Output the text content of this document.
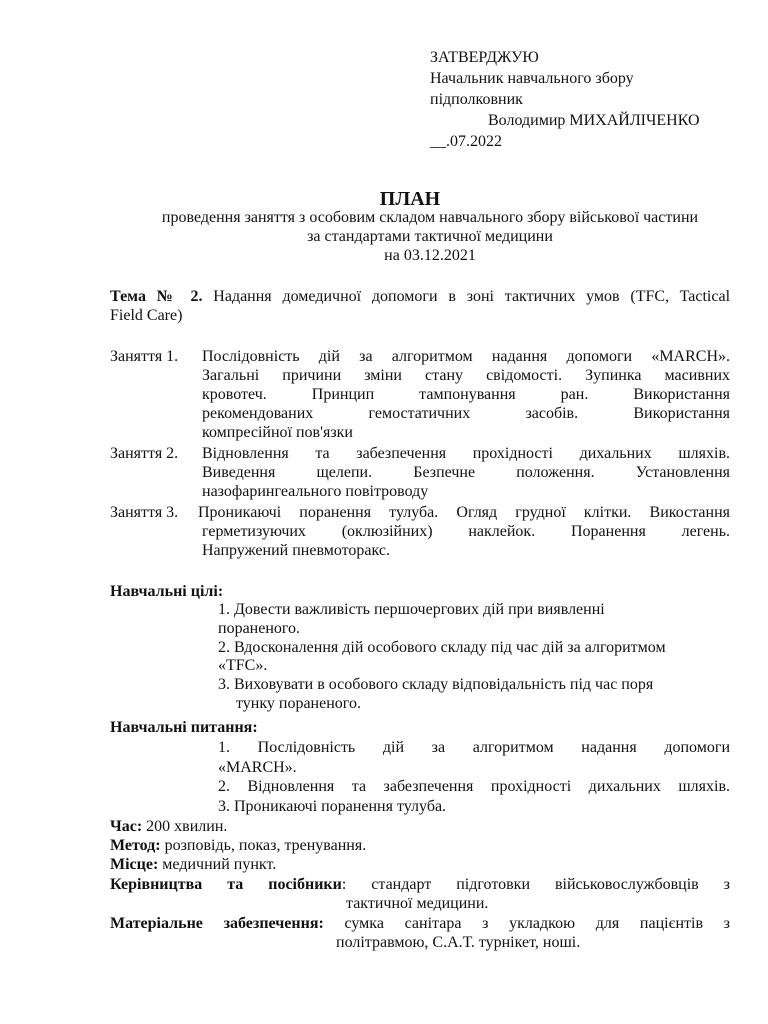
ЗАТВЕРДЖУЮ
Начальник навчального збору
підполковник
Володимир МИХАЙЛІЧЕНКО
__.07.2022
ПЛАН
проведення заняття з особовим складом навчального збору військової частини
за стандартами тактичної медицини
на 03.12.2021
Тема № 2. Надання домедичної допомоги в зоні тактичних умов (TFC, Tactical
Field Care)
Заняття 1.	Послідовність дій за алгоритмом надання допомоги «MARCH».
Загальні причини зміни стану свідомості. Зупинка масивних
кровотеч. Принцип тампонування ран. Використання
рекомендованих гемостатичних засобів. Використання
компресійної пов'язки
Заняття 2.	Відновлення та забезпечення прохідності дихальних шляхів.
Виведення щелепи. Безпечне положення. Установлення
назофарингеального повітроводу
Заняття 3.	Проникаючі поранення тулуба. Огляд грудної клітки. Викостання
герметизуючих (оклюзійних) наклейок. Поранення легень.
Напружений пневмоторакс.
Навчальні цілі:
1. Довести важливість першочергових дій при виявленні
пораненого.
2. Вдосконалення дій особового складу під час дій за алгоритмом
«TFC».
3. Виховувати в особового складу відповідальність під час поря
тунку пораненого.
Навчальні питання:
1. Послідовність дій за алгоритмом надання допомоги
«MARCH».
2. Відновлення та забезпечення прохідності дихальних шляхів.
3. Проникаючі поранення тулуба.
Час: 200 хвилин.
Метод: розповідь, показ, тренування.
Місце: медичний пункт.
Керівництва та посібники: стандарт підготовки військовослужбовців з
тактичної медицини.
Матеріальне забезпечення: сумка санітара з укладкою для пацієнтів з
політравмою, С.А.Т. турнікет, ноші.
